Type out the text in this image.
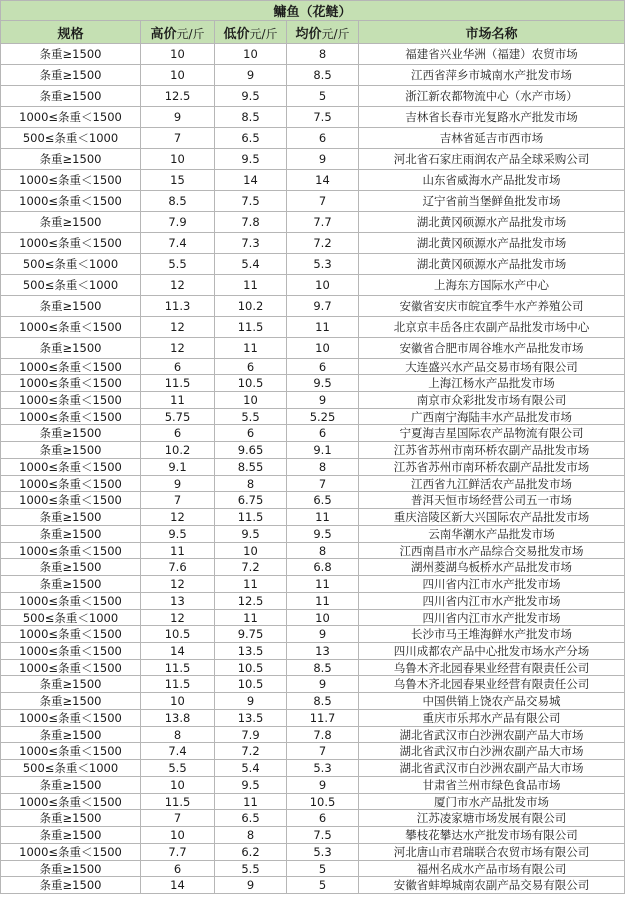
鳙鱼（花鲢）				
规格	高价元/斤	低价元/斤	均价元/斤	市场名称
条重≥1500	10	10	8	福建省兴业华洲（福建）农贸市场
条重≥1500	10	9	8.5	江西省萍乡市城南水产批发市场
条重≥1500	12.5	9.5	5	浙江新农都物流中心（水产市场）
1000≤条重＜1500	9	8.5	7.5	吉林省长春市光复路水产批发市场
500≤条重＜1000	7	6.5	6	吉林省延吉市西市场
条重≥1500	10	9.5	9	河北省石家庄雨润农产品全球采购公司
1000≤条重＜1500	15	14	14	山东省威海水产品批发市场
1000≤条重＜1500	8.5	7.5	7	辽宁省前当堡鲜鱼批发市场
条重≥1500	7.9	7.8	7.7	湖北黄冈硕源水产品批发市场
1000≤条重＜1500	7.4	7.3	7.2	湖北黄冈硕源水产品批发市场
500≤条重＜1000	5.5	5.4	5.3	湖北黄冈硕源水产品批发市场
500≤条重＜1000	12	11	10	上海东方国际水产中心
条重≥1500	11.3	10.2	9.7	安徽省安庆市皖宜季牛水产养殖公司
1000≤条重＜1500	12	11.5	11	北京京丰岳各庄农副产品批发市场中心
条重≥1500	12	11	10	安徽省合肥市周谷堆水产品批发市场
1000≤条重＜1500	6	6	6	大连盛兴水产品交易市场有限公司
1000≤条重＜1500	11.5	10.5	9.5	上海江杨水产品批发市场
1000≤条重＜1500	11	10	9	南京市众彩批发市场有限公司
1000≤条重＜1500	5.75	5.5	5.25	广西南宁海陆丰水产品批发市场
条重≥1500	6	6	6	宁夏海吉星国际农产品物流有限公司
条重≥1500	10.2	9.65	9.1	江苏省苏州市南环桥农副产品批发市场
1000≤条重＜1500	9.1	8.55	8	江苏省苏州市南环桥农副产品批发市场
1000≤条重＜1500	9	8	7	江西省九江鲜活农产品批发市场
1000≤条重＜1500	7	6.75	6.5	普洱天恒市场经营公司五一市场
条重≥1500	12	11.5	11	重庆涪陵区新大兴国际农产品批发市场
条重≥1500	9.5	9.5	9.5	云南华潮水产品批发市场
1000≤条重＜1500	11	10	8	江西南昌市水产品综合交易批发市场
条重≥1500	7.6	7.2	6.8	湖州菱湖乌板桥水产品批发市场
条重≥1500	12	11	11	四川省内江市水产批发市场
1000≤条重＜1500	13	12.5	11	四川省内江市水产批发市场
500≤条重＜1000	12	11	10	四川省内江市水产批发市场
1000≤条重＜1500	10.5	9.75	9	长沙市马王堆海鲜水产批发市场
1000≤条重＜1500	14	13.5	13	四川成都农产品中心批发市场水产分场
1000≤条重＜1500	11.5	10.5	8.5	乌鲁木齐北园春果业经营有限责任公司
条重≥1500	11.5	10.5	9	乌鲁木齐北园春果业经营有限责任公司
条重≥1500	10	9	8.5	中国供销上饶农产品交易城
1000≤条重＜1500	13.8	13.5	11.7	重庆市乐邦水产品有限公司
条重≥1500	8	7.9	7.8	湖北省武汉市白沙洲农副产品大市场
1000≤条重＜1500	7.4	7.2	7	湖北省武汉市白沙洲农副产品大市场
500≤条重＜1000	5.5	5.4	5.3	湖北省武汉市白沙洲农副产品大市场
条重≥1500	10	9.5	9	甘肃省兰州市绿色食品市场
1000≤条重＜1500	11.5	11	10.5	厦门市水产品批发市场
条重≥1500	7	6.5	6	江苏凌家塘市场发展有限公司
条重≥1500	10	8	7.5	攀枝花攀达水产批发市场有限公司
1000≤条重＜1500	7.7	6.2	5.3	河北唐山市君瑞联合农贸市场有限公司
条重≥1500	6	5.5	5	福州名成水产品市场有限公司
条重≥1500	14	9	5	安徽省蚌埠城南农副产品交易有限公司
